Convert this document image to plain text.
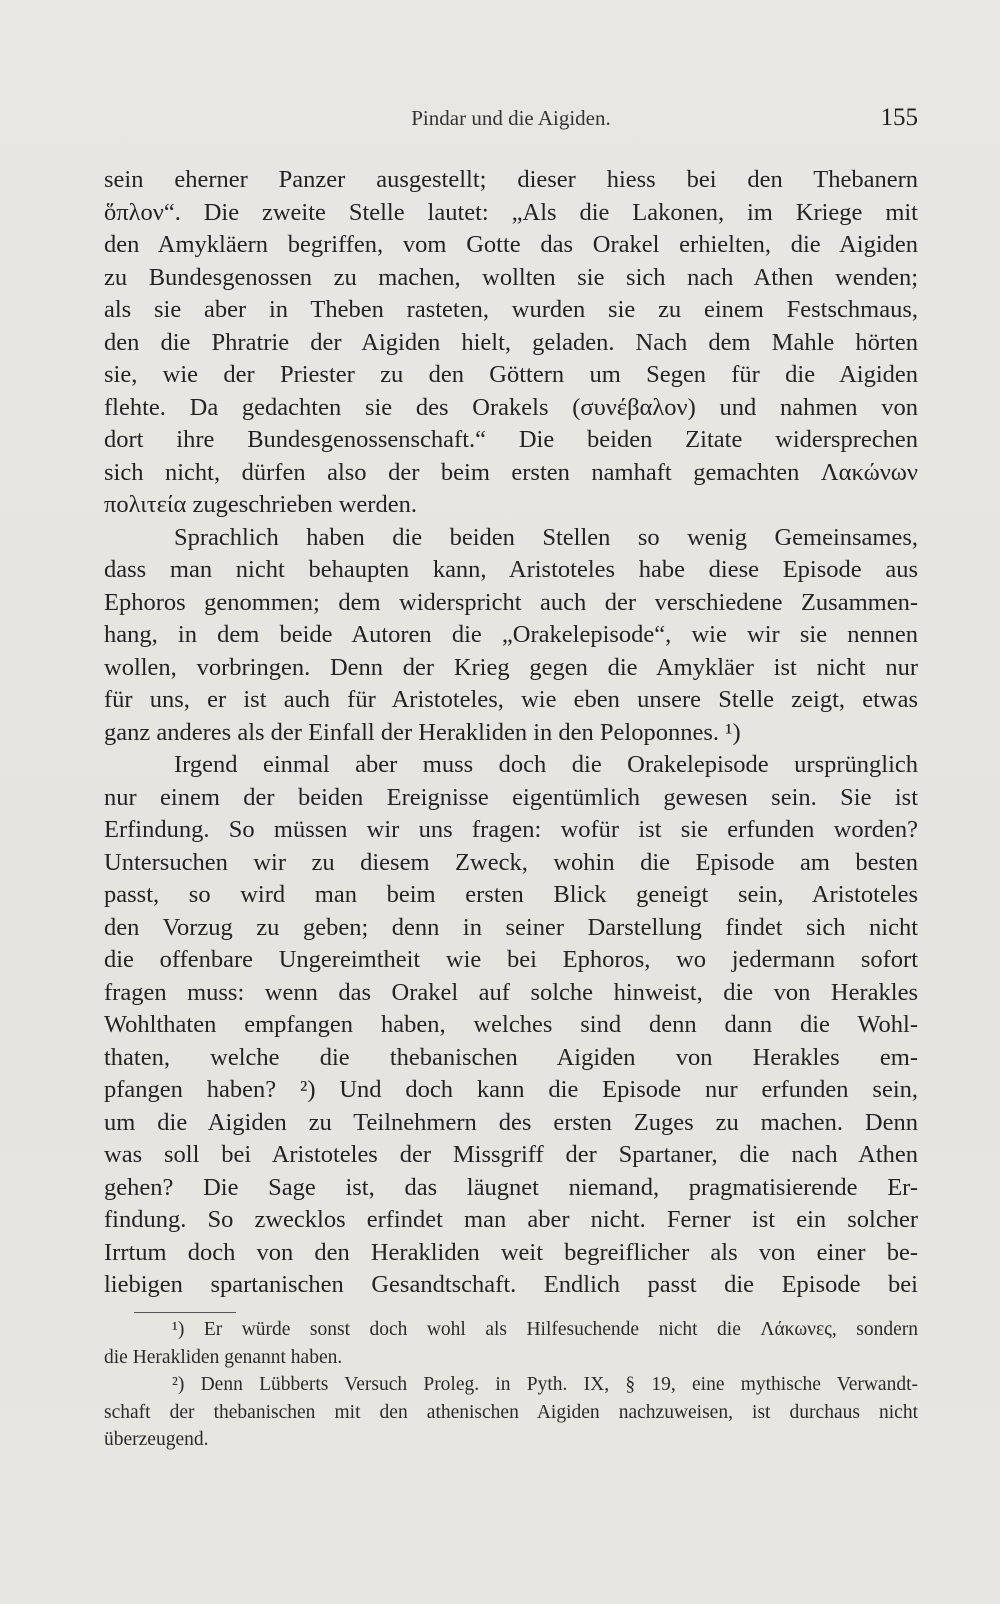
Pindar und die Aigiden.	155
sein eherner Panzer ausgestellt; dieser hiess bei den Thebanern
ὅπλον“. Die zweite Stelle lautet: „Als die Lakonen, im Kriege mit
den Amykläern begriffen, vom Gotte das Orakel erhielten, die Aigiden
zu Bundesgenossen zu machen, wollten sie sich nach Athen wenden;
als sie aber in Theben rasteten, wurden sie zu einem Festschmaus,
den die Phratrie der Aigiden hielt, geladen. Nach dem Mahle hörten
sie, wie der Priester zu den Göttern um Segen für die Aigiden
flehte. Da gedachten sie des Orakels (συνέβαλον) und nahmen von
dort ihre Bundesgenossenschaft.“ Die beiden Zitate widersprechen
sich nicht, dürfen also der beim ersten namhaft gemachten Λακώνων
πολιτεία zugeschrieben werden.
Sprachlich haben die beiden Stellen so wenig Gemeinsames,
dass man nicht behaupten kann, Aristoteles habe diese Episode aus
Ephoros genommen; dem widerspricht auch der verschiedene Zusammen-
hang, in dem beide Autoren die „Orakelepisode“, wie wir sie nennen
wollen, vorbringen. Denn der Krieg gegen die Amykläer ist nicht nur
für uns, er ist auch für Aristoteles, wie eben unsere Stelle zeigt, etwas
ganz anderes als der Einfall der Herakliden in den Peloponnes. ¹)
Irgend einmal aber muss doch die Orakelepisode ursprünglich
nur einem der beiden Ereignisse eigentümlich gewesen sein. Sie ist
Erfindung. So müssen wir uns fragen: wofür ist sie erfunden worden?
Untersuchen wir zu diesem Zweck, wohin die Episode am besten
passt, so wird man beim ersten Blick geneigt sein, Aristoteles
den Vorzug zu geben; denn in seiner Darstellung findet sich nicht
die offenbare Ungereimtheit wie bei Ephoros, wo jedermann sofort
fragen muss: wenn das Orakel auf solche hinweist, die von Herakles
Wohlthaten empfangen haben, welches sind denn dann die Wohl-
thaten, welche die thebanischen Aigiden von Herakles em-
pfangen haben? ²) Und doch kann die Episode nur erfunden sein,
um die Aigiden zu Teilnehmern des ersten Zuges zu machen. Denn
was soll bei Aristoteles der Missgriff der Spartaner, die nach Athen
gehen? Die Sage ist, das läugnet niemand, pragmatisierende Er-
findung. So zwecklos erfindet man aber nicht. Ferner ist ein solcher
Irrtum doch von den Herakliden weit begreiflicher als von einer be-
liebigen spartanischen Gesandtschaft. Endlich passt die Episode bei
¹) Er würde sonst doch wohl als Hilfesuchende nicht die Λάκωνες, sondern
die Herakliden genannt haben.
²) Denn Lübberts Versuch Proleg. in Pyth. IX, § 19, eine mythische Verwandt-
schaft der thebanischen mit den athenischen Aigiden nachzuweisen, ist durchaus nicht
überzeugend.
